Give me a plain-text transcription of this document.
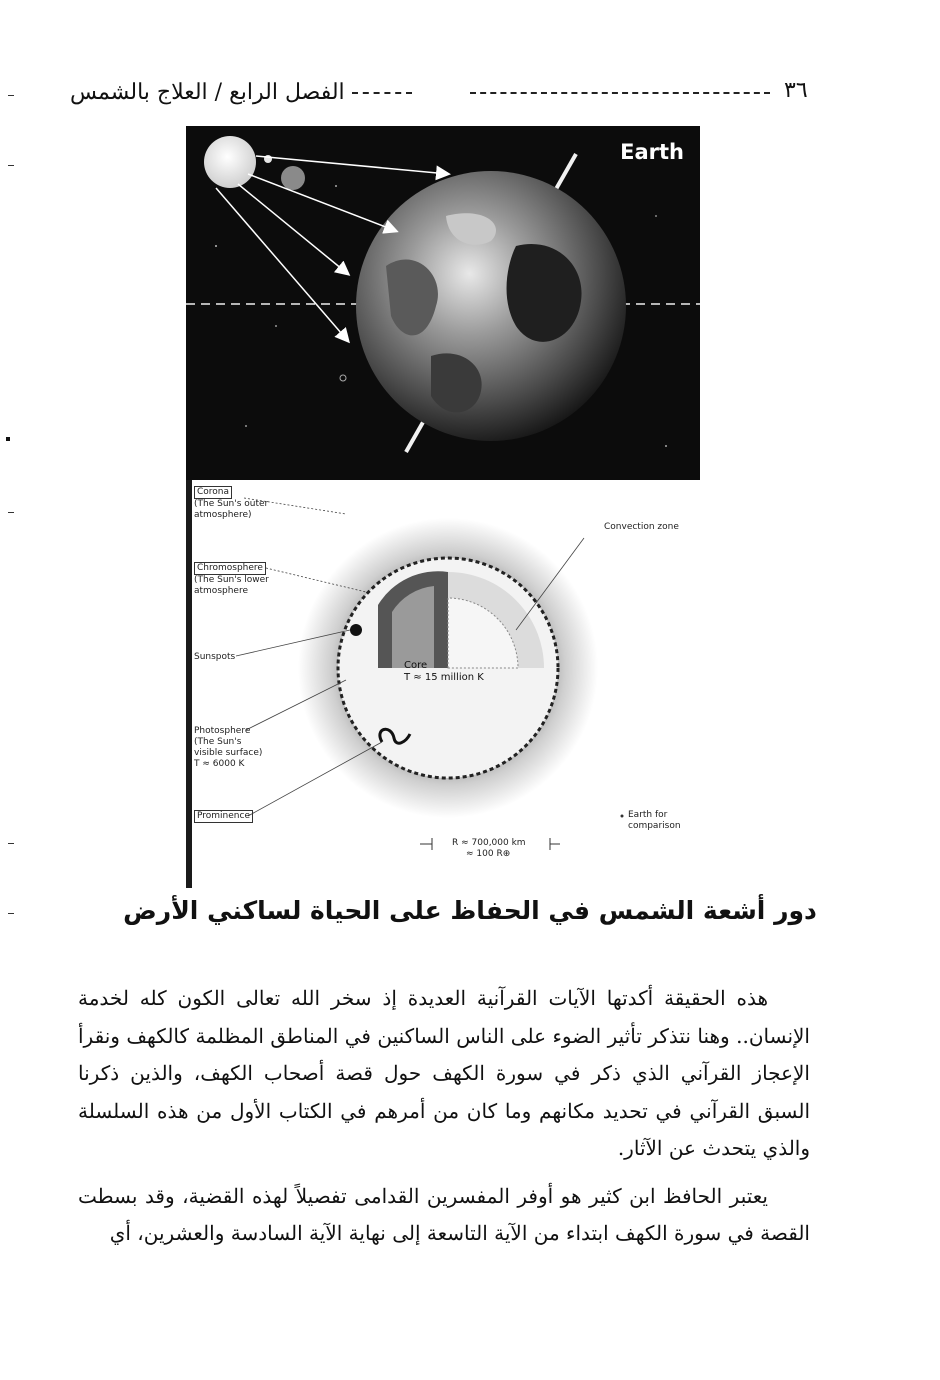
٣٦
الفصل الرابع / العلاج بالشمس
Earth
Corona
(The Sun's outer atmosphere)
Chromosphere
(The Sun's lower atmosphere
Sunspots
Photosphere
(The Sun's visible surface) T ≈ 6000 K
Prominence
Convection zone
Core
T ≈ 15 million K
Earth for comparison
R ≈ 700,000 km
≈ 100 R⊕
دور أشعة الشمس في الحفاظ على الحياة لساكني الأرض

هذه الحقيقة أكدتها الآيات القرآنية العديدة إذ سخر الله تعالى الكون كله لخدمة الإنسان.. وهنا نتذكر تأثير الضوء على الناس الساكنين في المناطق المظلمة كالكهف ونقرأ الإعجاز القرآني الذي ذكر في سورة الكهف حول قصة أصحاب الكهف، والذين ذكرنا السبق القرآني في تحديد مكانهم وما كان من أمرهم في الكتاب الأول من هذه السلسلة والذي يتحدث عن الآثار.

يعتبر الحافظ ابن كثير هو أوفر المفسرين القدامى تفصيلاً لهذه القضية، وقد بسطت القصة في سورة الكهف ابتداء من الآية التاسعة إلى نهاية الآية السادسة والعشرين، أي
